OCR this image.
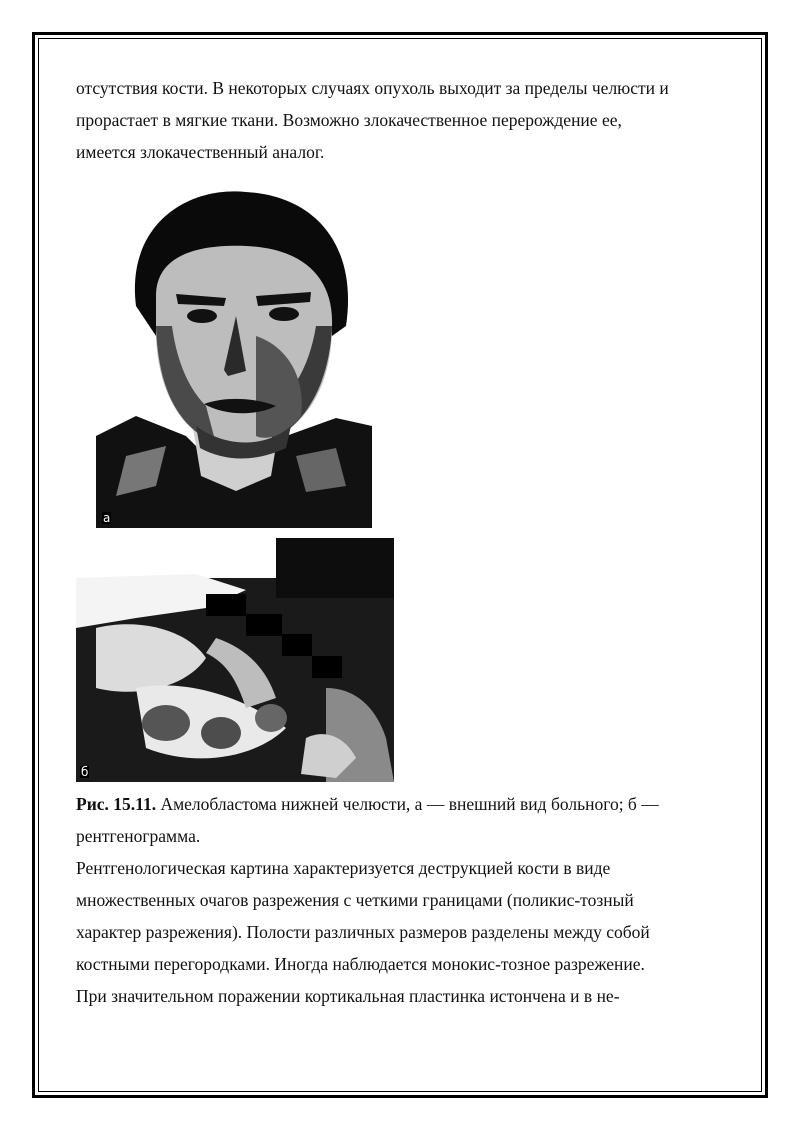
отсутствия кости. В некоторых случаях опухоль выходит за пределы челюсти и

прорастает в мягкие ткани. Возможно злокачественное перерождение ее,

имеется злокачественный аналог.

а
б

Рис. 15.11. Амелобластома нижней челюсти, а — внешний вид больного; б —

рентгенограмма.

Рентгенологическая картина характеризуется деструкцией кости в виде

множественных очагов разрежения с четкими границами (поликис-тозный

характер разрежения). Полости различных размеров разделены между собой

костными перегородками. Иногда наблюдается монокис-тозное разрежение.

При значительном поражении кортикальная пластинка истончена и в не-
